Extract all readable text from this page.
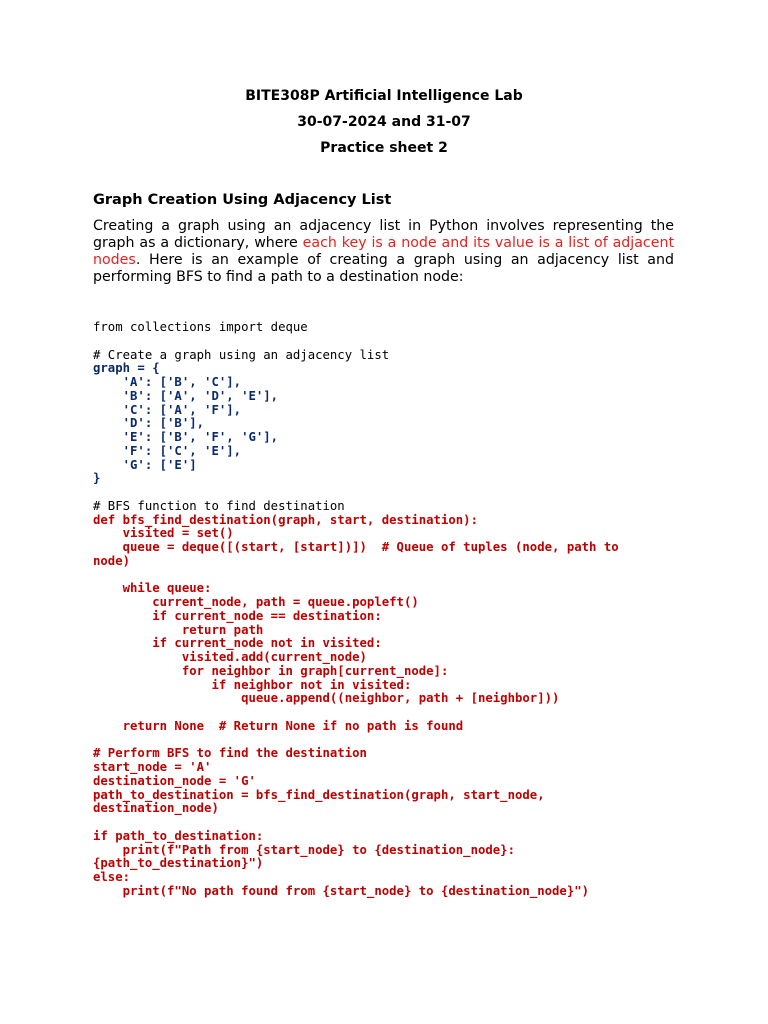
BITE308P Artificial Intelligence Lab
30-07-2024 and 31-07
Practice sheet 2
Graph Creation Using Adjacency List

Creating a graph using an adjacency list in Python involves representing the graph as a dictionary, where each key is a node and its value is a list of adjacent nodes. Here is an example of creating a graph using an adjacency list and performing BFS to find a path to a destination node:

from collections import deque
# Create a graph using an adjacency list
graph = {
'A': ['B', 'C'],
'B': ['A', 'D', 'E'],
'C': ['A', 'F'],
'D': ['B'],
'E': ['B', 'F', 'G'],
'F': ['C', 'E'],
'G': ['E']
}
# BFS function to find destination
def bfs_find_destination(graph, start, destination):
visited = set()
queue = deque([(start, [start])])  # Queue of tuples (node, path to
node)
while queue:
current_node, path = queue.popleft()
if current_node == destination:
return path
if current_node not in visited:
visited.add(current_node)
for neighbor in graph[current_node]:
if neighbor not in visited:
queue.append((neighbor, path + [neighbor]))
return None  # Return None if no path is found
# Perform BFS to find the destination
start_node = 'A'
destination_node = 'G'
path_to_destination = bfs_find_destination(graph, start_node,
destination_node)
if path_to_destination:
print(f"Path from {start_node} to {destination_node}:
{path_to_destination}")
else:
print(f"No path found from {start_node} to {destination_node}")
